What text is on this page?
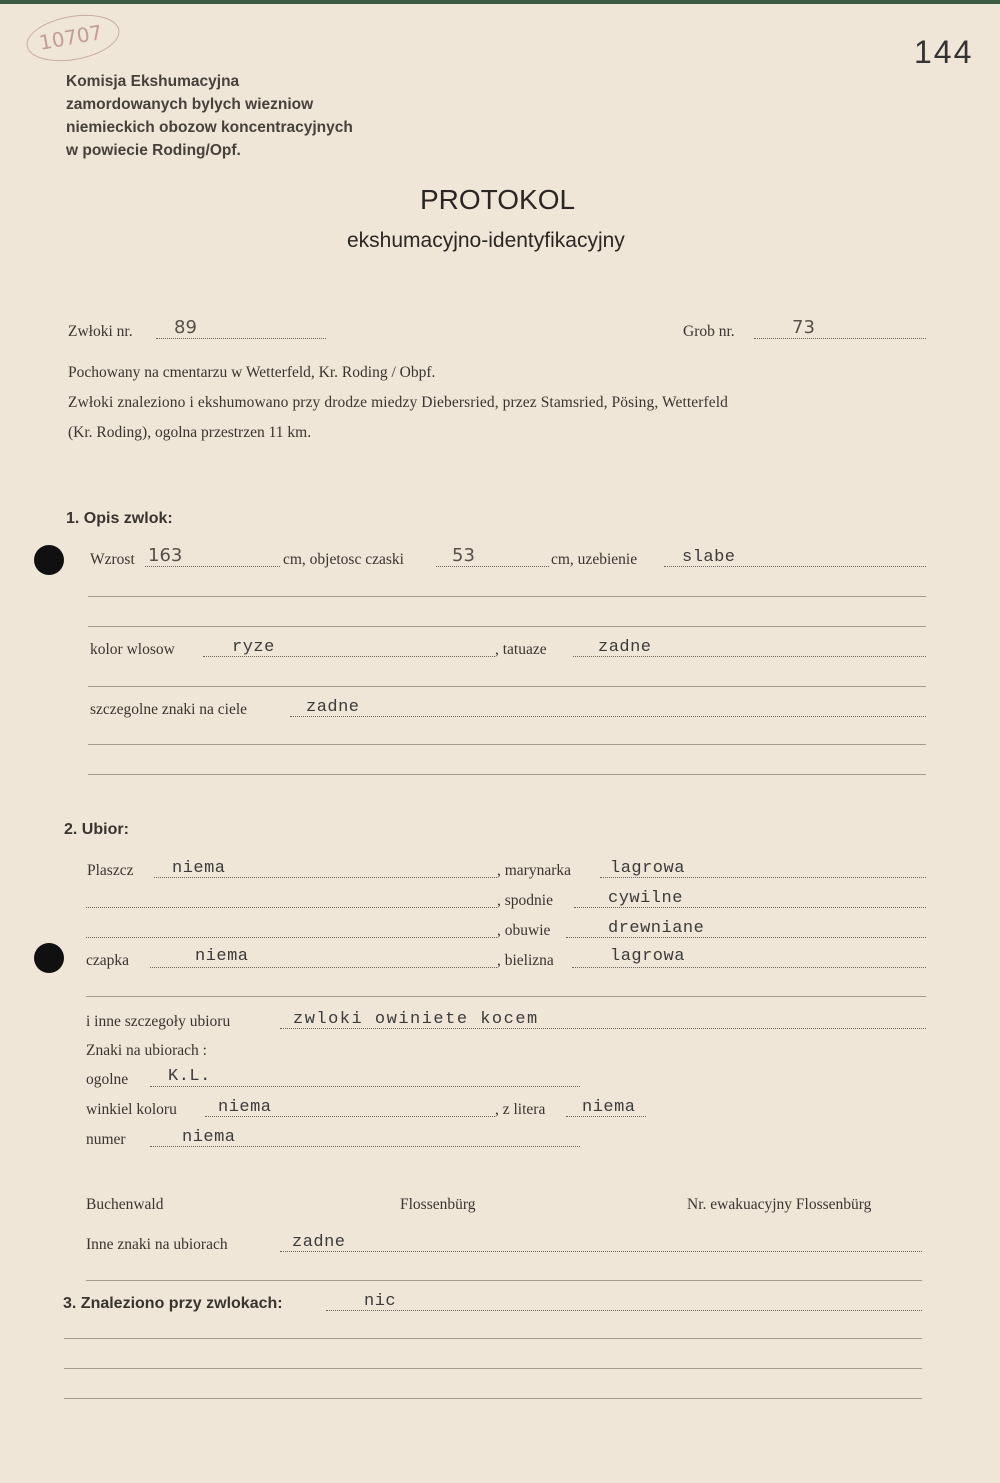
10707	144
Komisja Ekshumacyjna
zamordowanych bylych wiezniow
niemieckich obozow koncentracyjnych
w powiecie Roding/Opf.
PROTOKOL
ekshumacyjno-identyfikacyjny
Zwłoki nr. 89	Grob nr.	73
Pochowany na cmentarzu w Wetterfeld, Kr. Roding / Obpf.
Zwłoki znaleziono i ekshumowano przy drodze miedzy Diebersried, przez Stamsried, Pösing, Wetterfeld
(Kr. Roding), ogolna przestrzen 11 km.
1. Opis zwlok:
Wzrost 163	cm, objetosc czaski	53	cm, uzebienie	slabe
kolor wlosow	ryze	, tatuaze	zadne
szczegolne znaki na ciele	zadne
2. Ubior:
Plaszcz niema	, marynarka lagrowa
, spodnie	cywilne
, obuwie	drewniane
czapka	niema	, bielizna	lagrowa
i inne szczegoły ubioru	zwloki owiniete kocem
Znaki na ubiorach :
ogolne K.L.
winkiel koloru niema	, z litera niema
numer	niema
Buchenwald	Flossenbürg	Nr. ewakuacyjny Flossenbürg
Inne znaki na ubiorach	zadne
3. Znaleziono przy zwlokach:	nic
